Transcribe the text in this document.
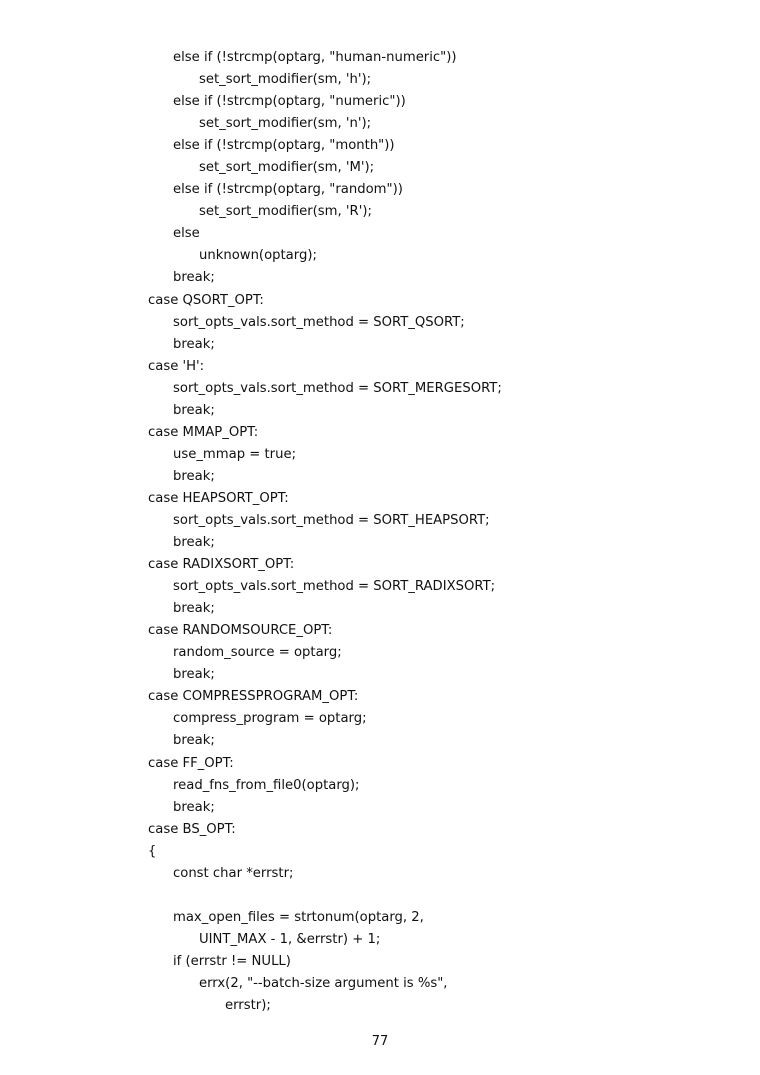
else if (!strcmp(optarg, "human-numeric"))
set_sort_modifier(sm, 'h');
else if (!strcmp(optarg, "numeric"))
set_sort_modifier(sm, 'n');
else if (!strcmp(optarg, "month"))
set_sort_modifier(sm, 'M');
else if (!strcmp(optarg, "random"))
set_sort_modifier(sm, 'R');
else
unknown(optarg);
break;
case QSORT_OPT:
sort_opts_vals.sort_method = SORT_QSORT;
break;
case 'H':
sort_opts_vals.sort_method = SORT_MERGESORT;
break;
case MMAP_OPT:
use_mmap = true;
break;
case HEAPSORT_OPT:
sort_opts_vals.sort_method = SORT_HEAPSORT;
break;
case RADIXSORT_OPT:
sort_opts_vals.sort_method = SORT_RADIXSORT;
break;
case RANDOMSOURCE_OPT:
random_source = optarg;
break;
case COMPRESSPROGRAM_OPT:
compress_program = optarg;
break;
case FF_OPT:
read_fns_from_file0(optarg);
break;
case BS_OPT:
{
const char *errstr;
max_open_files = strtonum(optarg, 2,
UINT_MAX - 1, &errstr) + 1;
if (errstr != NULL)
errx(2, "--batch-size argument is %s",
errstr);
77
